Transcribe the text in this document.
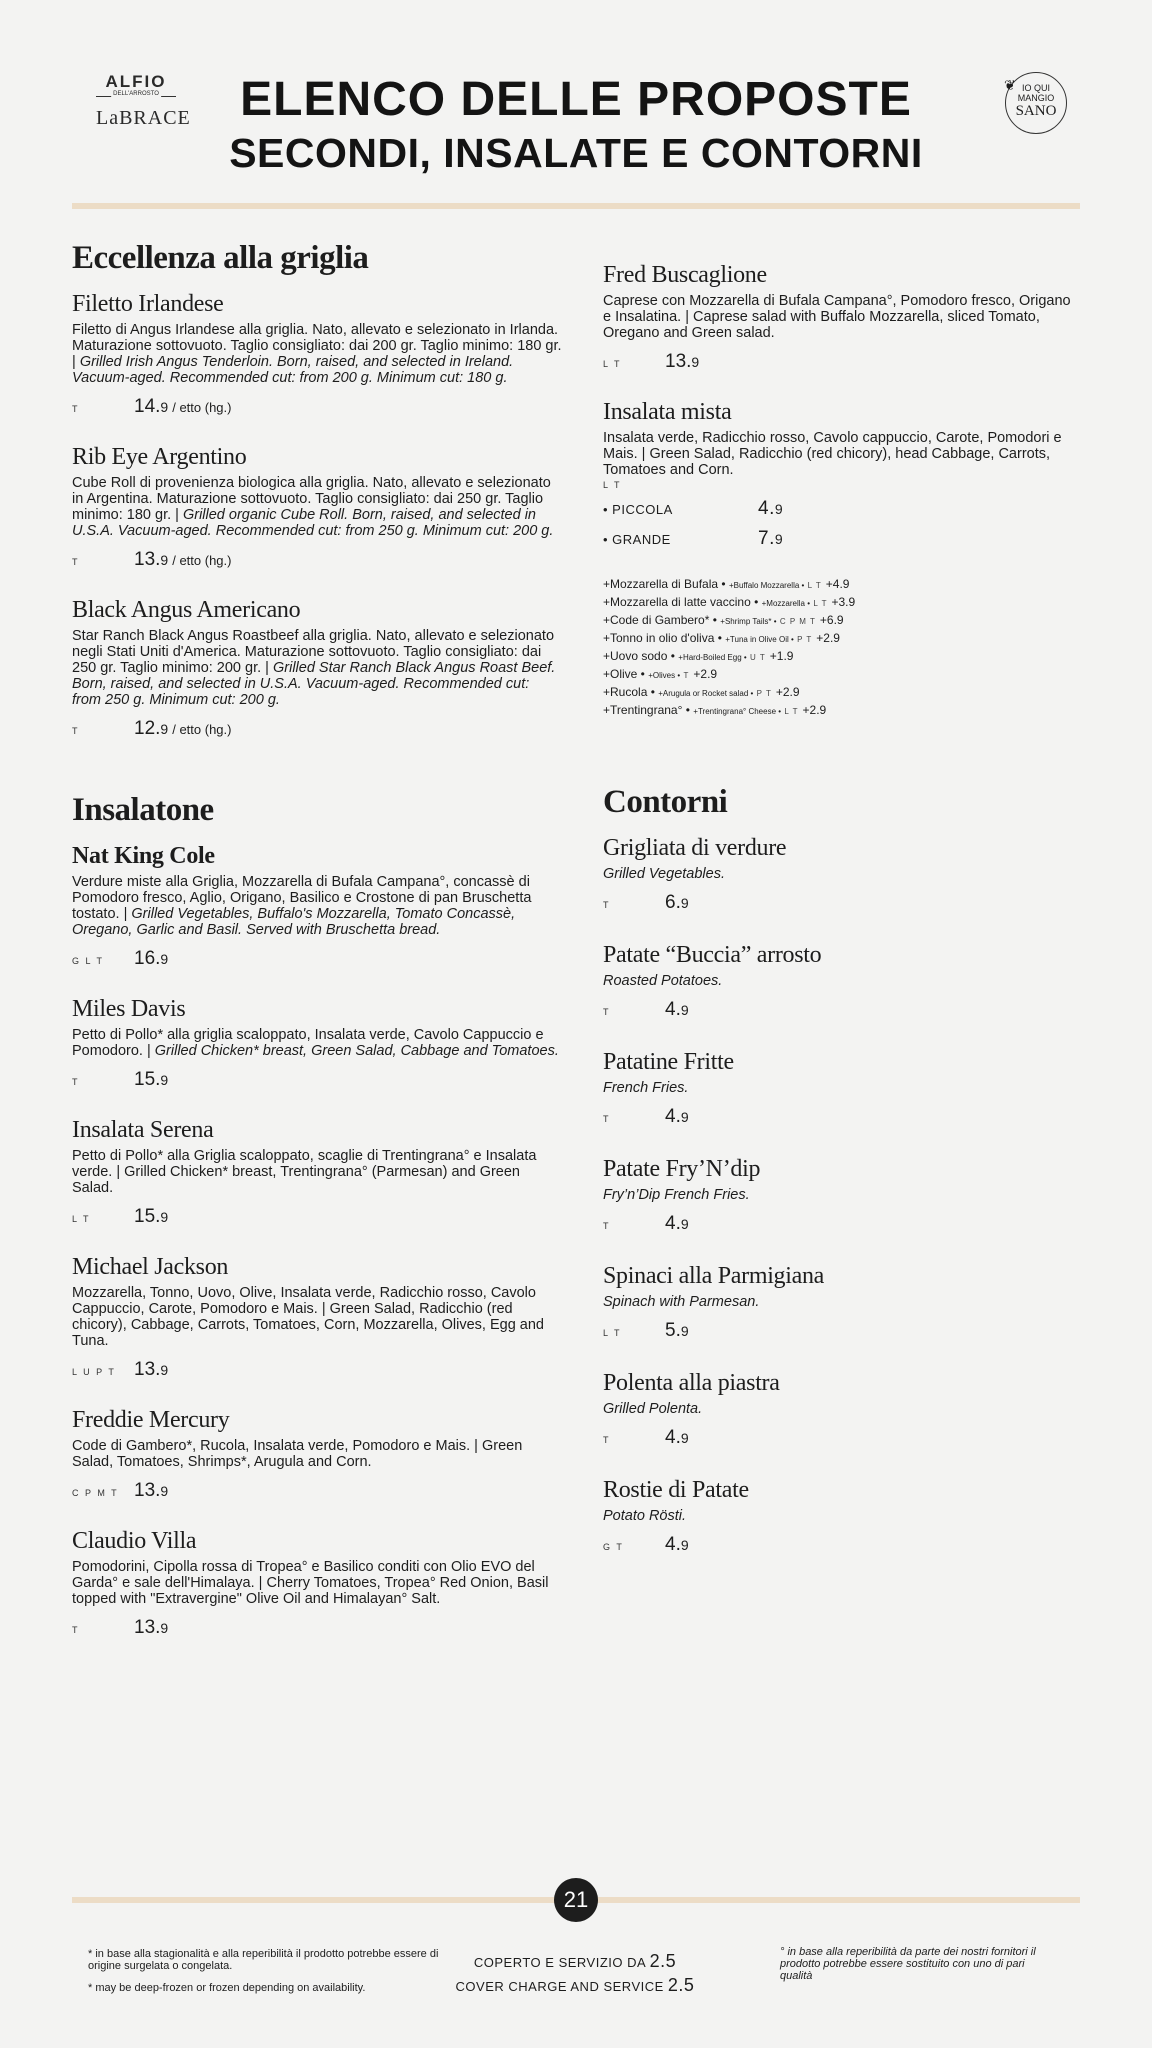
ALFIO
DELL'ARROSTO
LaBRACE	ELENCO DELLE PROPOSTE
SECONDI, INSALATE E CONTORNI
❦ IO QUI
MANGIO
SANO
Eccellenza alla griglia
Filetto Irlandese
Filetto di Angus Irlandese alla griglia. Nato, allevato e selezionato in Irlanda. Maturazione sottovuoto. Taglio consigliato: dai 200 gr. Taglio minimo: 180 gr. | Grilled Irish Angus Tenderloin. Born, raised, and selected in Ireland. Vacuum-aged. Recommended cut: from 200 g. Minimum cut: 180 g.
T	14.9 / etto (hg.)
Rib Eye Argentino
Cube Roll di provenienza biologica alla griglia. Nato, allevato e selezionato in Argentina. Maturazione sottovuoto. Taglio consigliato: dai 250 gr. Taglio minimo: 180 gr. | Grilled organic Cube Roll. Born, raised, and selected in U.S.A. Vacuum-aged. Recommended cut: from 250 g. Minimum cut: 200 g.
T	13.9 / etto (hg.)
Black Angus Americano
Star Ranch Black Angus Roastbeef alla griglia. Nato, allevato e selezionato negli Stati Uniti d'America. Maturazione sottovuoto. Taglio consigliato: dai 250 gr. Taglio minimo: 200 gr. | Grilled Star Ranch Black Angus Roast Beef. Born, raised, and selected in U.S.A. Vacuum-aged. Recommended cut: from 250 g. Minimum cut: 200 g.
T	12.9 / etto (hg.)
Insalatone
Nat King Cole
Verdure miste alla Griglia, Mozzarella di Bufala Campana°, concassè di Pomodoro fresco, Aglio, Origano, Basilico e Crostone di pan Bruschetta tostato. | Grilled Vegetables, Buffalo's Mozzarella, Tomato Concassè, Oregano, Garlic and Basil. Served with Bruschetta bread.
G L T	16.9
Miles Davis
Petto di Pollo* alla griglia scaloppato, Insalata verde, Cavolo Cappuccio e Pomodoro. | Grilled Chicken* breast, Green Salad, Cabbage and Tomatoes.
T	15.9
Insalata Serena
Petto di Pollo* alla Griglia scaloppato, scaglie di Trentingrana° e Insalata verde. | Grilled Chicken* breast, Trentingrana° (Parmesan) and Green Salad.
L T	15.9
Michael Jackson
Mozzarella, Tonno, Uovo, Olive, Insalata verde, Radicchio rosso, Cavolo Cappuccio, Carote, Pomodoro e Mais. | Green Salad, Radicchio (red chicory), Cabbage, Carrots, Tomatoes, Corn, Mozzarella, Olives, Egg and Tuna.
L U P T 13.9
Freddie Mercury
Code di Gambero*, Rucola, Insalata verde, Pomodoro e Mais. | Green Salad, Tomatoes, Shrimps*, Arugula and Corn.
C P M T 13.9
Claudio Villa
Pomodorini, Cipolla rossa di Tropea° e Basilico conditi con Olio EVO del Garda° e sale dell'Himalaya. | Cherry Tomatoes, Tropea° Red Onion, Basil topped with "Extravergine" Olive Oil and Himalayan° Salt.
T	13.9
Fred Buscaglione
Caprese con Mozzarella di Bufala Campana°, Pomodoro fresco, Origano e Insalatina. | Caprese salad with Buffalo Mozzarella, sliced Tomato, Oregano and Green salad.
L T	13.9
Insalata mista
Insalata verde, Radicchio rosso, Cavolo cappuccio, Carote, Pomodori e Mais. | Green Salad, Radicchio (red chicory), head Cabbage, Carrots, Tomatoes and Corn.
L T
• PICCOLA	4.9
• GRANDE	7.9
+Mozzarella di Bufala • +Buffalo Mozzarella • L T +4.9
+Mozzarella di latte vaccino • +Mozzarella • L T +3.9
+Code di Gambero* • +Shrimp Tails* • C P M T +6.9
+Tonno in olio d'oliva • +Tuna in Olive Oil • P T +2.9
+Uovo sodo • +Hard-Boiled Egg • U T +1.9
+Olive • +Olives • T +2.9
+Rucola • +Arugula or Rocket salad • P T +2.9
+Trentingrana° • +Trentingrana° Cheese • L T +2.9
Contorni
Grigliata di verdure
Grilled Vegetables.
T	6.9
Patate “Buccia” arrosto
Roasted Potatoes.
T	4.9
Patatine Fritte
French Fries.
T	4.9
Patate Fry’N’dip
Fry’n’Dip French Fries.
T	4.9
Spinaci alla Parmigiana
Spinach with Parmesan.
L T	5.9
Polenta alla piastra
Grilled Polenta.
T	4.9
Rostie di Patate
Potato Rösti.
G T	4.9
21

* in base alla stagionalità e alla reperibilità il prodotto potrebbe essere di origine surgelata o congelata.

* may be deep-frozen or frozen depending on availability.

COPERTO E SERVIZIO DA 2.5
COVER CHARGE AND SERVICE 2.5
° in base alla reperibilità da parte dei nostri fornitori il prodotto potrebbe essere sostituito con uno di pari qualità
